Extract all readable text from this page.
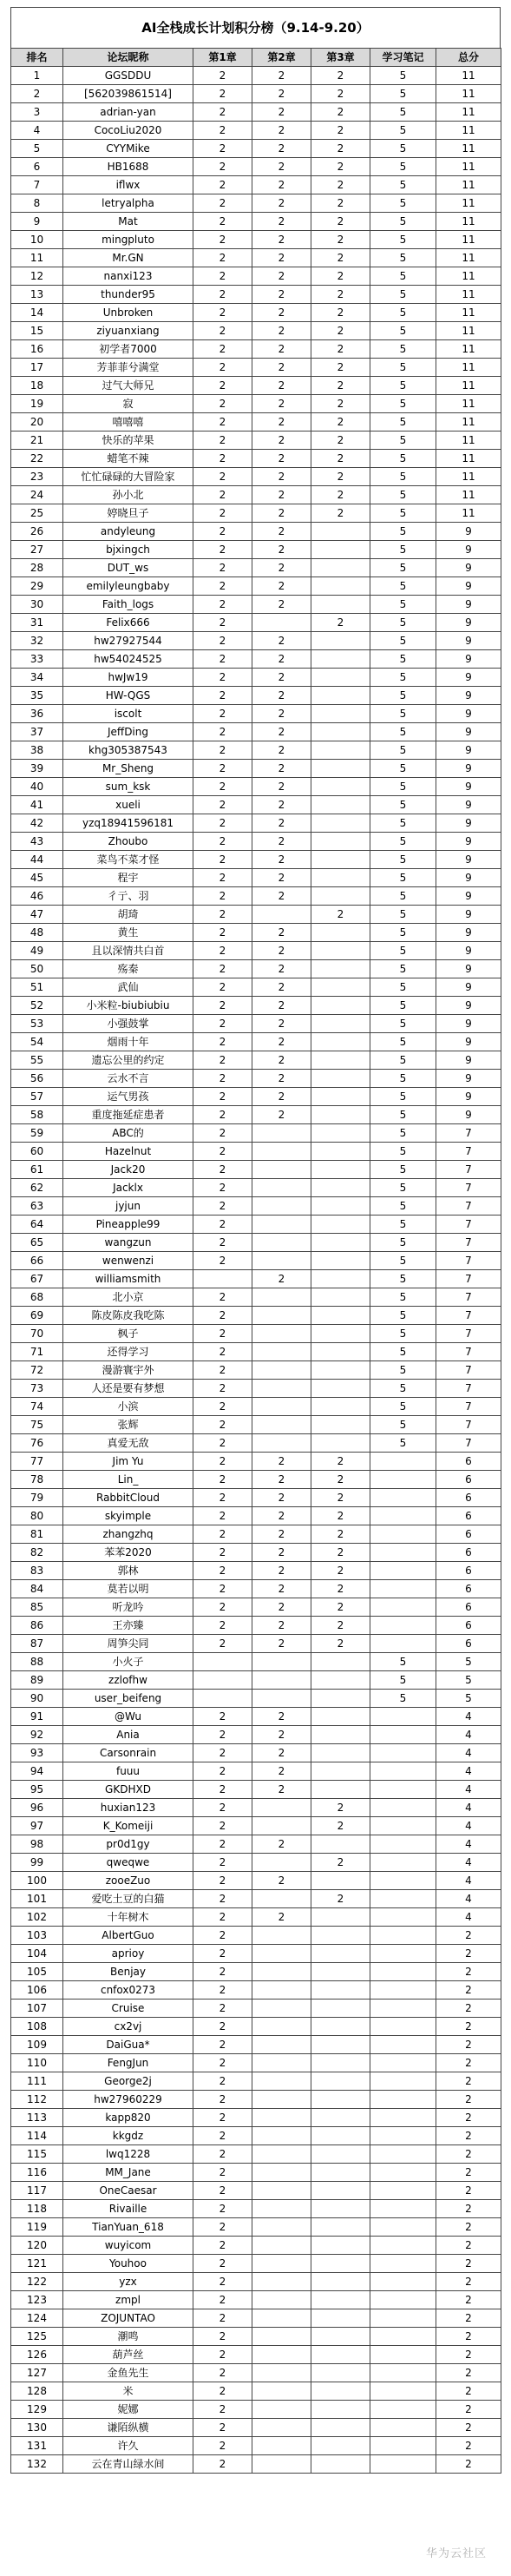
AI全栈成长计划积分榜（9.14-9.20）
排名	论坛昵称	第1章	第2章	第3章	学习笔记	总分
1	GGSDDU	2	2	2	5	11
2	[562039861514]	2	2	2	5	11
3	adrian-yan	2	2	2	5	11
4	CocoLiu2020	2	2	2	5	11
5	CYYMike	2	2	2	5	11
6	HB1688	2	2	2	5	11
7	iflwx	2	2	2	5	11
8	letryalpha	2	2	2	5	11
9	Mat	2	2	2	5	11
10	mingpluto	2	2	2	5	11
11	Mr.GN	2	2	2	5	11
12	nanxi123	2	2	2	5	11
13	thunder95	2	2	2	5	11
14	Unbroken	2	2	2	5	11
15	ziyuanxiang	2	2	2	5	11
16	初学者7000	2	2	2	5	11
17	芳菲菲兮满堂	2	2	2	5	11
18	过气大师兄	2	2	2	5	11
19	寂	2	2	2	5	11
20	嘻嘻嘻	2	2	2	5	11
21	快乐的苹果	2	2	2	5	11
22	蜡笔不辣	2	2	2	5	11
23	忙忙碌碌的大冒险家	2	2	2	5	11
24	孙小北	2	2	2	5	11
25	婷晓旦子	2	2	2	5	11
26	andyleung	2	2		5	9
27	bjxingch	2	2		5	9
28	DUT_ws	2	2		5	9
29	emilyleungbaby	2	2		5	9
30	Faith_logs	2	2		5	9
31	Felix666	2		2	5	9
32	hw27927544	2	2		5	9
33	hw54024525	2	2		5	9
34	hwJw19	2	2		5	9
35	HW-QGS	2	2		5	9
36	iscolt	2	2		5	9
37	JeffDing	2	2		5	9
38	khg305387543	2	2		5	9
39	Mr_Sheng	2	2		5	9
40	sum_ksk	2	2		5	9
41	xueli	2	2		5	9
42	yzq18941596181	2	2		5	9
43	Zhoubo	2	2		5	9
44	菜鸟不菜才怪	2	2		5	9
45	程宇	2	2		5	9
46	彳亍、羽	2	2		5	9
47	胡琦	2		2	5	9
48	黄生	2	2		5	9
49	且以深情共白首	2	2		5	9
50	殇秦	2	2		5	9
51	武仙	2	2		5	9
52	小米粒-biubiubiu	2	2		5	9
53	小强鼓掌	2	2		5	9
54	烟雨十年	2	2		5	9
55	遗忘公里的约定	2	2		5	9
56	云水不言	2	2		5	9
57	运气男孩	2	2		5	9
58	重度拖延症患者	2	2		5	9
59	ABC的	2			5	7
60	Hazelnut	2			5	7
61	Jack20	2			5	7
62	Jacklx	2			5	7
63	jyjun	2			5	7
64	Pineapple99	2			5	7
65	wangzun	2			5	7
66	wenwenzi	2			5	7
67	williamsmith		2		5	7
68	北小京	2			5	7
69	陈皮陈皮我吃陈	2			5	7
70	枫子	2			5	7
71	还得学习	2			5	7
72	漫游寰宇外	2			5	7
73	人还是要有梦想	2			5	7
74	小滨	2			5	7
75	张辉	2			5	7
76	真爱无敌	2			5	7
77	Jim Yu	2	2	2		6
78	Lin_	2	2	2		6
79	RabbitCloud	2	2	2		6
80	skyimple	2	2	2		6
81	zhangzhq	2	2	2		6
82	苯苯2020	2	2	2		6
83	郭林	2	2	2		6
84	莫若以明	2	2	2		6
85	听龙吟	2	2	2		6
86	王亦臻	2	2	2		6
87	周笋尖同	2	2	2		6
88	小火子				5	5
89	zzlofhw				5	5
90	user_beifeng				5	5
91	@Wu	2	2			4
92	Ania	2	2			4
93	Carsonrain	2	2			4
94	fuuu	2	2			4
95	GKDHXD	2	2			4
96	huxian123	2		2		4
97	K_Komeiji	2		2		4
98	pr0d1gy	2	2			4
99	qweqwe	2		2		4
100	zooeZuo	2	2			4
101	爱吃土豆的白猫	2		2		4
102	十年树木	2	2			4
103	AlbertGuo	2				2
104	aprioy	2				2
105	Benjay	2				2
106	cnfox0273	2				2
107	Cruise	2				2
108	cx2vj	2				2
109	DaiGua*	2				2
110	FengJun	2				2
111	George2j	2				2
112	hw27960229	2				2
113	kapp820	2				2
114	kkgdz	2				2
115	lwq1228	2				2
116	MM_Jane	2				2
117	OneCaesar	2				2
118	Rivaille	2				2
119	TianYuan_618	2				2
120	wuyicom	2				2
121	Youhoo	2				2
122	yzx	2				2
123	zmpl	2				2
124	ZOJUNTAO	2				2
125	潮鸣	2				2
126	葫芦丝	2				2
127	金鱼先生	2				2
128	米	2				2
129	妮娜	2				2
130	谦陌纵横	2				2
131	许久	2				2
132	云在青山绿水间	2				2
华为云社区
